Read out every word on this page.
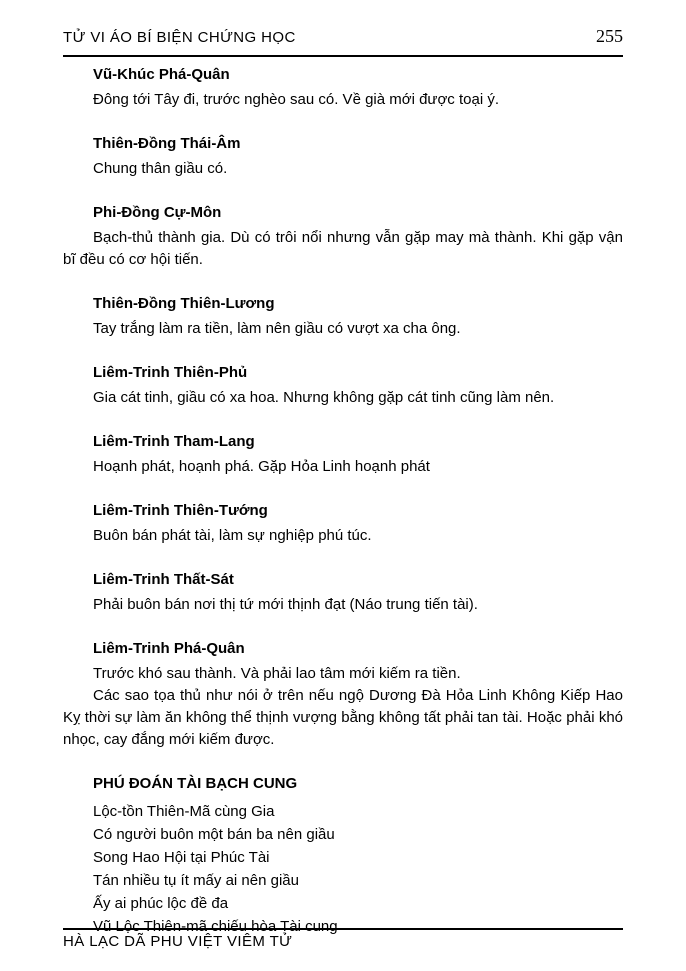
TỬ VI ÁO BÍ BIỆN CHỨNG HỌC	255
Vũ-Khúc Phá-Quân

Đông tới Tây đi, trước nghèo sau có. Về già mới được toại ý.

Thiên-Đồng Thái-Âm

Chung thân giầu có.

Phi-Đồng Cự-Môn

Bạch-thủ thành gia. Dù có trôi nổi nhưng vẫn gặp may mà thành. Khi gặp vận bĩ đều có cơ hội tiến.

Thiên-Đồng Thiên-Lương

Tay trắng làm ra tiền, làm nên giầu có vượt xa cha ông.

Liêm-Trinh Thiên-Phủ

Gia cát tinh, giầu có xa hoa. Nhưng không gặp cát tinh cũng làm nên.

Liêm-Trinh Tham-Lang

Hoạnh phát, hoạnh phá. Gặp Hỏa Linh hoạnh phát

Liêm-Trinh Thiên-Tướng

Buôn bán phát tài, làm sự nghiệp phú túc.

Liêm-Trinh Thất-Sát

Phải buôn bán nơi thị tứ mới thịnh đạt (Náo trung tiến tài).

Liêm-Trinh Phá-Quân

Trước khó sau thành. Và phải lao tâm mới kiếm ra tiền.

Các sao tọa thủ như nói ở trên nếu ngộ Dương Đà Hỏa Linh Không Kiếp Hao Kỵ thời sự làm ăn không thể thịnh vượng bằng không tất phải tan tài. Hoặc phải khó nhọc, cay đắng mới kiếm được.

PHÚ ĐOÁN TÀI BẠCH CUNG

Lộc-tồn Thiên-Mã cùng Gia

Có người buôn một bán ba nên giầu

Song Hao Hội tại Phúc Tài

Tán nhiều tụ ít mấy ai nên giầu

Ấy ai phúc lộc đề đa

Vũ Lộc Thiên-mã chiếu hòa Tài cung

HÀ LẠC DÃ PHU VIỆT VIÊM TỬ
